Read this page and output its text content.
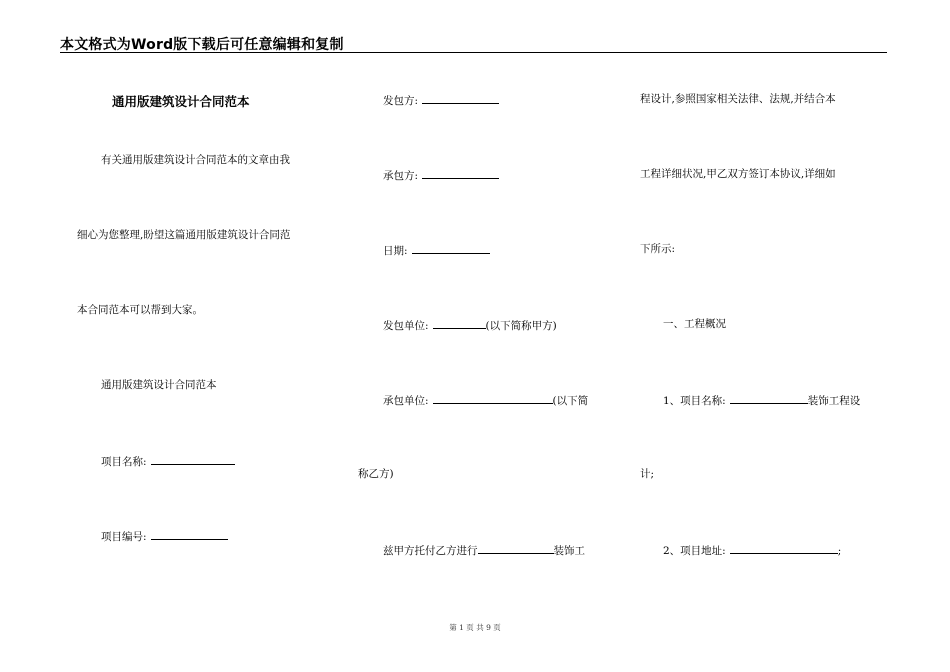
本文格式为Word版下载后可任意编辑和复制
通用版建筑设计合同范本
有关通用版建筑设计合同范本的文章由我
细心为您整理,盼望这篇通用版建筑设计合同范
本合同范本可以帮到大家。
通用版建筑设计合同范本
项目名称:
项目编号:
发包方:
承包方:
日期:
发包单位:	(以下简称甲方)
承包单位:	(以下简
称乙方)
兹甲方托付乙方进行	装饰工
程设计,参照国家相关法律、法规,并结合本
工程详细状况,甲乙双方签订本协议,详细如
下所示:
一、工程概况
1、项目名称:	装饰工程设
计;
2、项目地址:	;
第 1 页 共 9 页
